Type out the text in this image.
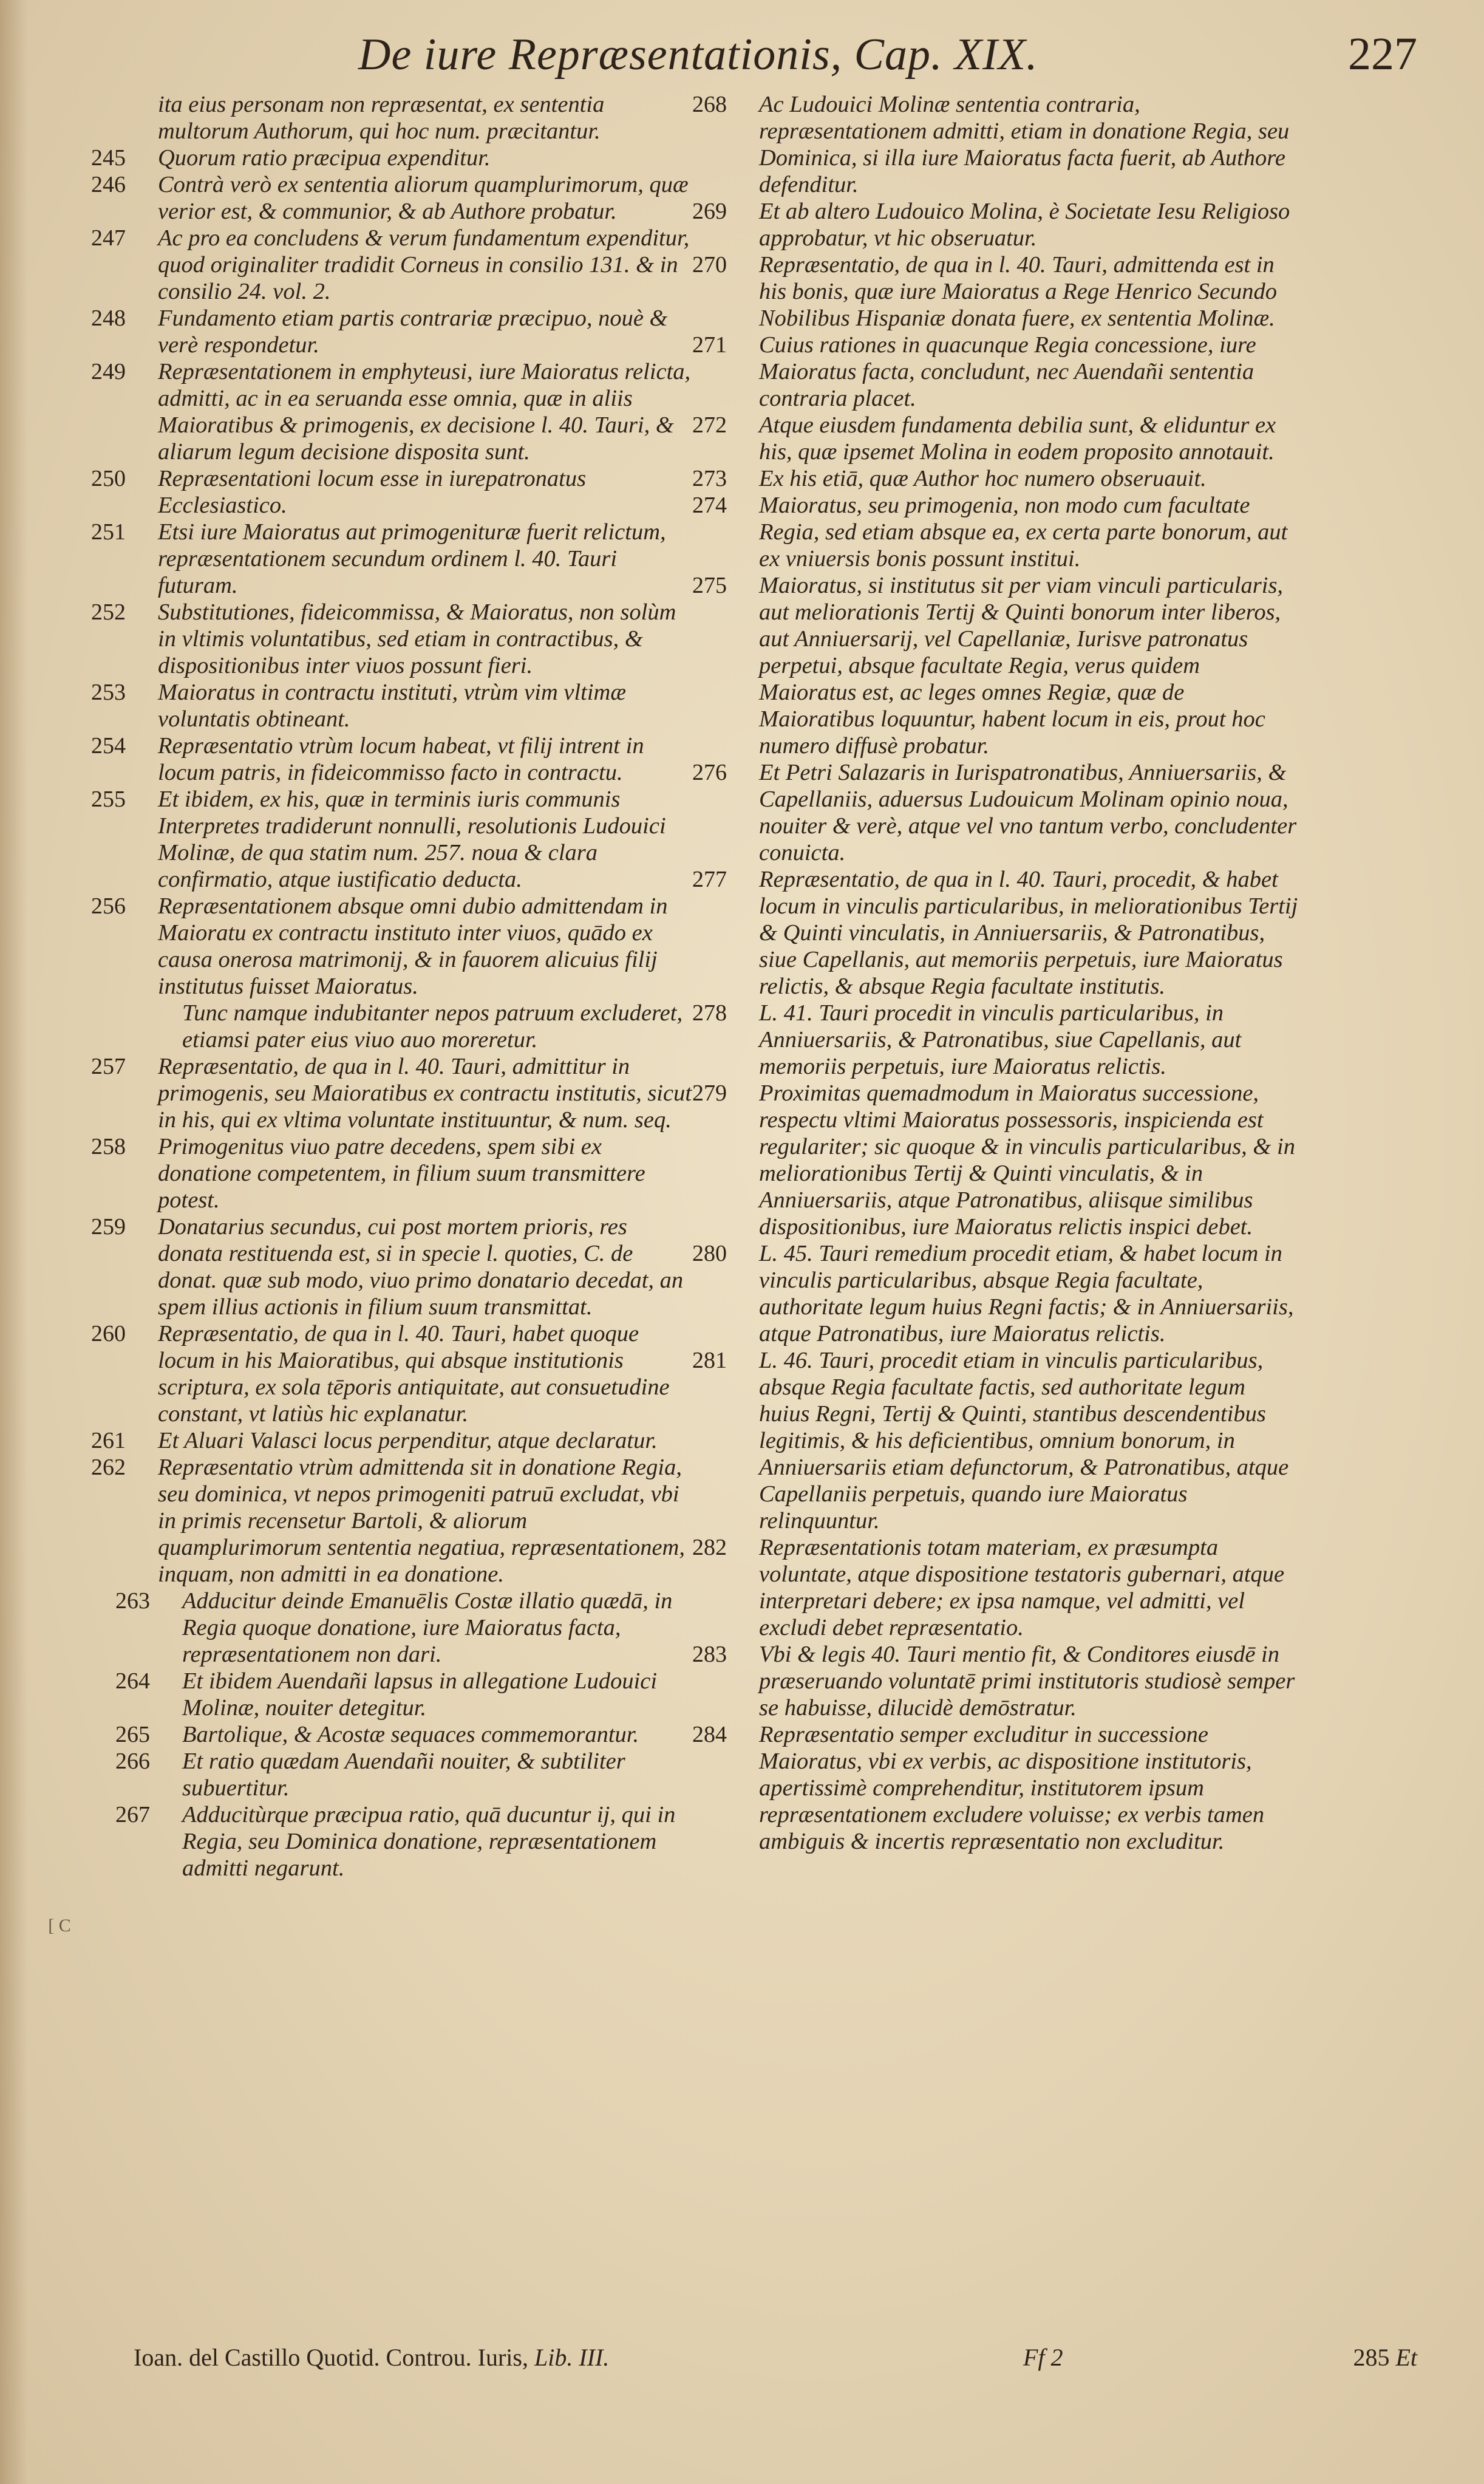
De iure Repræsentationis, Cap. XIX.	227

ita eius personam non repræsentat, ex sententia

multorum Authorum, qui hoc num. præcitantur.

245 Quorum ratio præcipua expenditur.

246 Contrà verò ex sententia aliorum quamplurimorum, quæ verior est, & communior, & ab Authore probatur.

247 Ac pro ea concludens & verum fundamentum expenditur, quod originaliter tradidit Corneus in consilio 131. & in consilio 24. vol. 2.

248 Fundamento etiam partis contrariæ præcipuo, nouè & verè respondetur.

249 Repræsentationem in emphyteusi, iure Maioratus relicta, admitti, ac in ea seruanda esse omnia, quæ in aliis Maioratibus & primogenis, ex decisione l. 40. Tauri, & aliarum legum decisione disposita sunt.

250 Repræsentationi locum esse in iurepatronatus Ecclesiastico.

251 Etsi iure Maioratus aut primogenituræ fuerit relictum, repræsentationem secundum ordinem l. 40. Tauri futuram.

252 Substitutiones, fideicommissa, & Maioratus, non solùm in vltimis voluntatibus, sed etiam in contractibus, & dispositionibus inter viuos possunt fieri.

253 Maioratus in contractu instituti, vtrùm vim vltimæ voluntatis obtineant.

254 Repræsentatio vtrùm locum habeat, vt filij intrent in locum patris, in fideicommisso facto in contractu.

255 Et ibidem, ex his, quæ in terminis iuris communis Interpretes tradiderunt nonnulli, resolutionis Ludouici Molinæ, de qua statim num. 257. noua & clara confirmatio, atque iustificatio deducta.

256 Repræsentationem absque omni dubio admittendam in Maioratu ex contractu instituto inter viuos, quādo ex causa onerosa matrimonij, & in fauorem alicuius filij institutus fuisset Maioratus.

Tunc namque indubitanter nepos patruum excluderet,

etiamsi pater eius viuo auo moreretur.

257 Repræsentatio, de qua in l. 40. Tauri, admittitur in primogenis, seu Maioratibus ex contractu institutis, sicut in his, qui ex vltima voluntate instituuntur, & num. seq.

258 Primogenitus viuo patre decedens, spem sibi ex donatione competentem, in filium suum transmittere potest.

259 Donatarius secundus, cui post mortem prioris, res donata restituenda est, si in specie l. quoties, C. de donat. quæ sub modo, viuo primo donatario decedat, an spem illius actionis in filium suum transmittat.

260 Repræsentatio, de qua in l. 40. Tauri, habet quoque locum in his Maioratibus, qui absque institutionis scriptura, ex sola tēporis antiquitate, aut consuetudine constant, vt latiùs hic explanatur.

261 Et Aluari Valasci locus perpenditur, atque declaratur.

262 Repræsentatio vtrùm admittenda sit in donatione Regia, seu dominica, vt nepos primogeniti patruū excludat, vbi in primis recensetur Bartoli, & aliorum quamplurimorum sententia negatiua, repræsentationem, inquam, non admitti in ea donatione.

263 Adducitur deinde Emanuēlis Costæ illatio quædā, in Regia quoque donatione, iure Maioratus facta, repræsentationem non dari.

264 Et ibidem Auendañi lapsus in allegatione Ludouici Molinæ, nouiter detegitur.

265 Bartolique, & Acostæ sequaces commemorantur.

266 Et ratio quædam Auendañi nouiter, & subtiliter subuertitur.

267 Adducitùrque præcipua ratio, quā ducuntur ij, qui in Regia, seu Dominica donatione, repræsentationem admitti negarunt.

268 Ac Ludouici Molinæ sententia contraria, repræsentationem admitti, etiam in donatione Regia, seu Dominica, si illa iure Maioratus facta fuerit, ab Authore defenditur.

269 Et ab altero Ludouico Molina, è Societate Iesu Religioso approbatur, vt hic obseruatur.

270 Repræsentatio, de qua in l. 40. Tauri, admittenda est in his bonis, quæ iure Maioratus a Rege Henrico Secundo Nobilibus Hispaniæ donata fuere, ex sententia Molinæ.

271 Cuius rationes in quacunque Regia concessione, iure Maioratus facta, concludunt, nec Auendañi sententia contraria placet.

272 Atque eiusdem fundamenta debilia sunt, & eliduntur ex his, quæ ipsemet Molina in eodem proposito annotauit.

273 Ex his etiā, quæ Author hoc numero obseruauit.

274 Maioratus, seu primogenia, non modo cum facultate Regia, sed etiam absque ea, ex certa parte bonorum, aut ex vniuersis bonis possunt institui.

275 Maioratus, si institutus sit per viam vinculi particularis, aut meliorationis Tertij & Quinti bonorum inter liberos, aut Anniuersarij, vel Capellaniæ, Iurisve patronatus perpetui, absque facultate Regia, verus quidem Maioratus est, ac leges omnes Regiæ, quæ de Maioratibus loquuntur, habent locum in eis, prout hoc numero diffusè probatur.

276 Et Petri Salazaris in Iurispatronatibus, Anniuersariis, & Capellaniis, aduersus Ludouicum Molinam opinio noua, nouiter & verè, atque vel vno tantum verbo, concludenter conuicta.

277 Repræsentatio, de qua in l. 40. Tauri, procedit, & habet locum in vinculis particularibus, in meliorationibus Tertij & Quinti vinculatis, in Anniuersariis, & Patronatibus, siue Capellanis, aut memoriis perpetuis, iure Maioratus relictis, & absque Regia facultate institutis.

278 L. 41. Tauri procedit in vinculis particularibus, in Anniuersariis, & Patronatibus, siue Capellanis, aut memoriis perpetuis, iure Maioratus relictis.

279 Proximitas quemadmodum in Maioratus successione, respectu vltimi Maioratus possessoris, inspicienda est regulariter; sic quoque & in vinculis particularibus, & in meliorationibus Tertij & Quinti vinculatis, & in Anniuersariis, atque Patronatibus, aliisque similibus dispositionibus, iure Maioratus relictis inspici debet.

280 L. 45. Tauri remedium procedit etiam, & habet locum in vinculis particularibus, absque Regia facultate, authoritate legum huius Regni factis; & in Anniuersariis, atque Patronatibus, iure Maioratus relictis.

281 L. 46. Tauri, procedit etiam in vinculis particularibus, absque Regia facultate factis, sed authoritate legum huius Regni, Tertij & Quinti, stantibus descendentibus legitimis, & his deficientibus, omnium bonorum, in Anniuersariis etiam defunctorum, & Patronatibus, atque Capellaniis perpetuis, quando iure Maioratus relinquuntur.

282 Repræsentationis totam materiam, ex præsumpta voluntate, atque dispositione testatoris gubernari, atque interpretari debere; ex ipsa namque, vel admitti, vel excludi debet repræsentatio.

283 Vbi & legis 40. Tauri mentio fit, & Conditores eiusdē in præseruando voluntatē primi institutoris studiosè semper se habuisse, dilucidè demōstratur.

284 Repræsentatio semper excluditur in successione Maioratus, vbi ex verbis, ac dispositione institutoris, apertissimè comprehenditur, institutorem ipsum repræsentationem excludere voluisse; ex verbis tamen ambiguis & incertis repræsentatio non excluditur.

[ C
Ioan. del Castillo Quotid. Controu. Iuris, Lib. III.	Ff 2	285 Et
